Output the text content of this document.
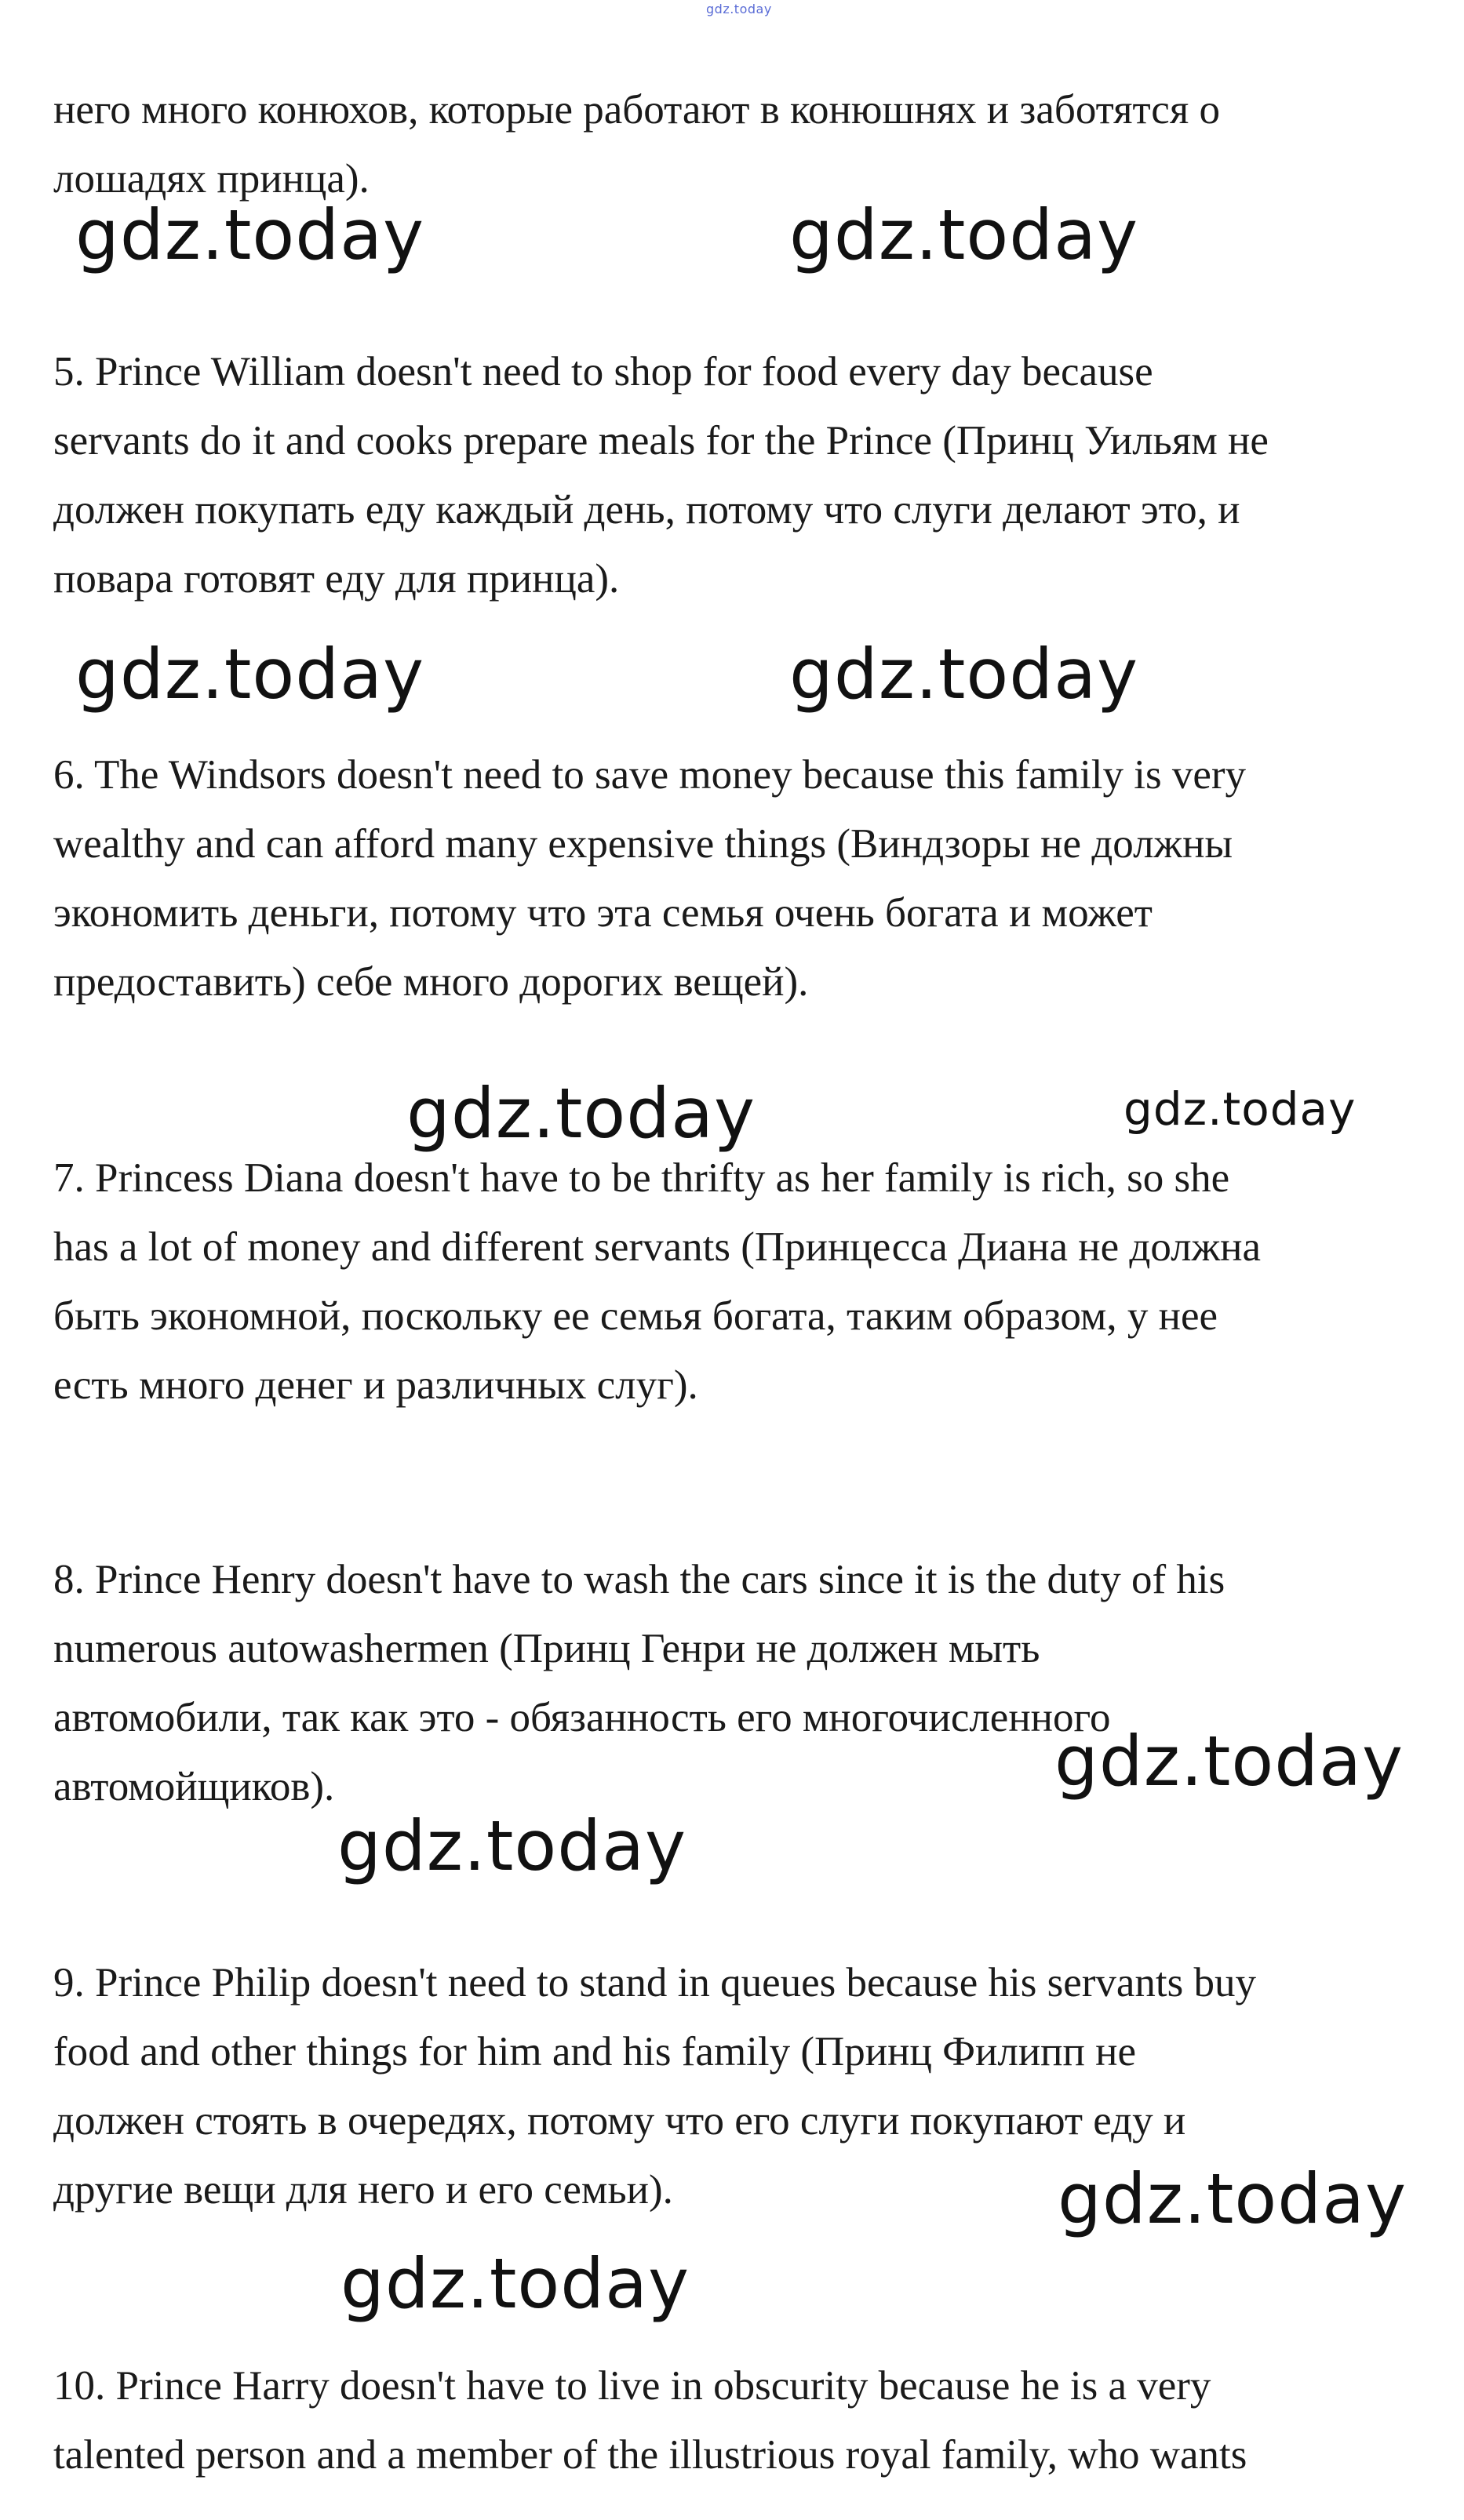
gdz.today

него много конюхов, которые работают в конюшнях и заботятся о
лошадях принца).

gdz.today	gdz.today

5. Prince William doesn't need to shop for food every day because
servants do it and cooks prepare meals for the Prince (Принц Уильям не
должен покупать еду каждый день, потому что слуги делают это, и
повара готовят еду для принца).

gdz.today	gdz.today

6. The Windsors doesn't need to save money because this family is very
wealthy and can afford many expensive things (Виндзоры не должны
экономить деньги, потому что эта семья очень богата и может
предоставить) себе много дорогих вещей).

gdz.today	gdz.today

7. Princess Diana doesn't have to be thrifty as her family is rich, so she
has a lot of money and different servants (Принцесса Диана не должна
быть экономной, поскольку ее семья богата, таким образом, у нее
есть много денег и различных слуг).

8. Prince Henry doesn't have to wash the cars since it is the duty of his
numerous autowashermen (Принц Генри не должен мыть
автомобили, так как это - обязанность его многочисленного
автомойщиков).	gdz.today
gdz.today

9. Prince Philip doesn't need to stand in queues because his servants buy
food and other things for him and his family (Принц Филипп не
должен стоять в очередях, потому что его слуги покупают еду и
другие вещи для него и его семьи).	gdz.today
gdz.today

10. Prince Harry doesn't have to live in obscurity because he is a very
talented person and a member of the illustrious royal family, who wants
